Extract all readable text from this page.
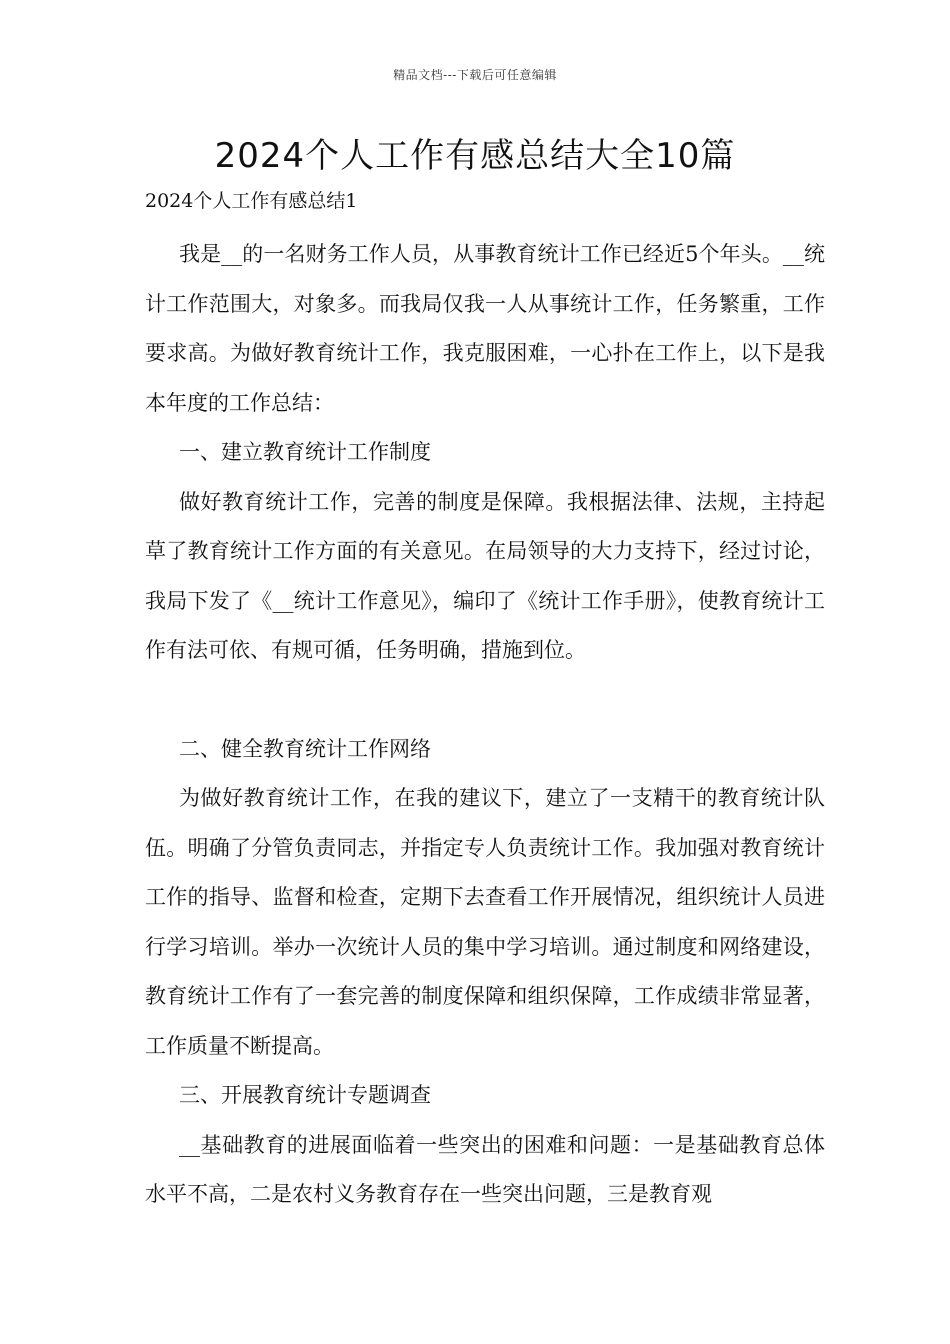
精品文档---下载后可任意编辑
2024个人工作有感总结大全10篇
2024个人工作有感总结1

我是__的一名财务工作人员，从事教育统计工作已经近5个年头。__统计工作范围大，对象多。而我局仅我一人从事统计工作，任务繁重，工作要求高。为做好教育统计工作，我克服困难，一心扑在工作上，以下是我本年度的工作总结：

一、建立教育统计工作制度

做好教育统计工作，完善的制度是保障。我根据法律、法规，主持起草了教育统计工作方面的有关意见。在局领导的大力支持下，经过讨论，我局下发了《__统计工作意见》，编印了《统计工作手册》，使教育统计工作有法可依、有规可循，任务明确，措施到位。

二、健全教育统计工作网络

为做好教育统计工作，在我的建议下，建立了一支精干的教育统计队伍。明确了分管负责同志，并指定专人负责统计工作。我加强对教育统计工作的指导、监督和检查，定期下去查看工作开展情况，组织统计人员进行学习培训。举办一次统计人员的集中学习培训。通过制度和网络建设，教育统计工作有了一套完善的制度保障和组织保障，工作成绩非常显著，工作质量不断提高。

三、开展教育统计专题调查

__基础教育的进展面临着一些突出的困难和问题：一是基础教育总体水平不高，二是农村义务教育存在一些突出问题，三是教育观
